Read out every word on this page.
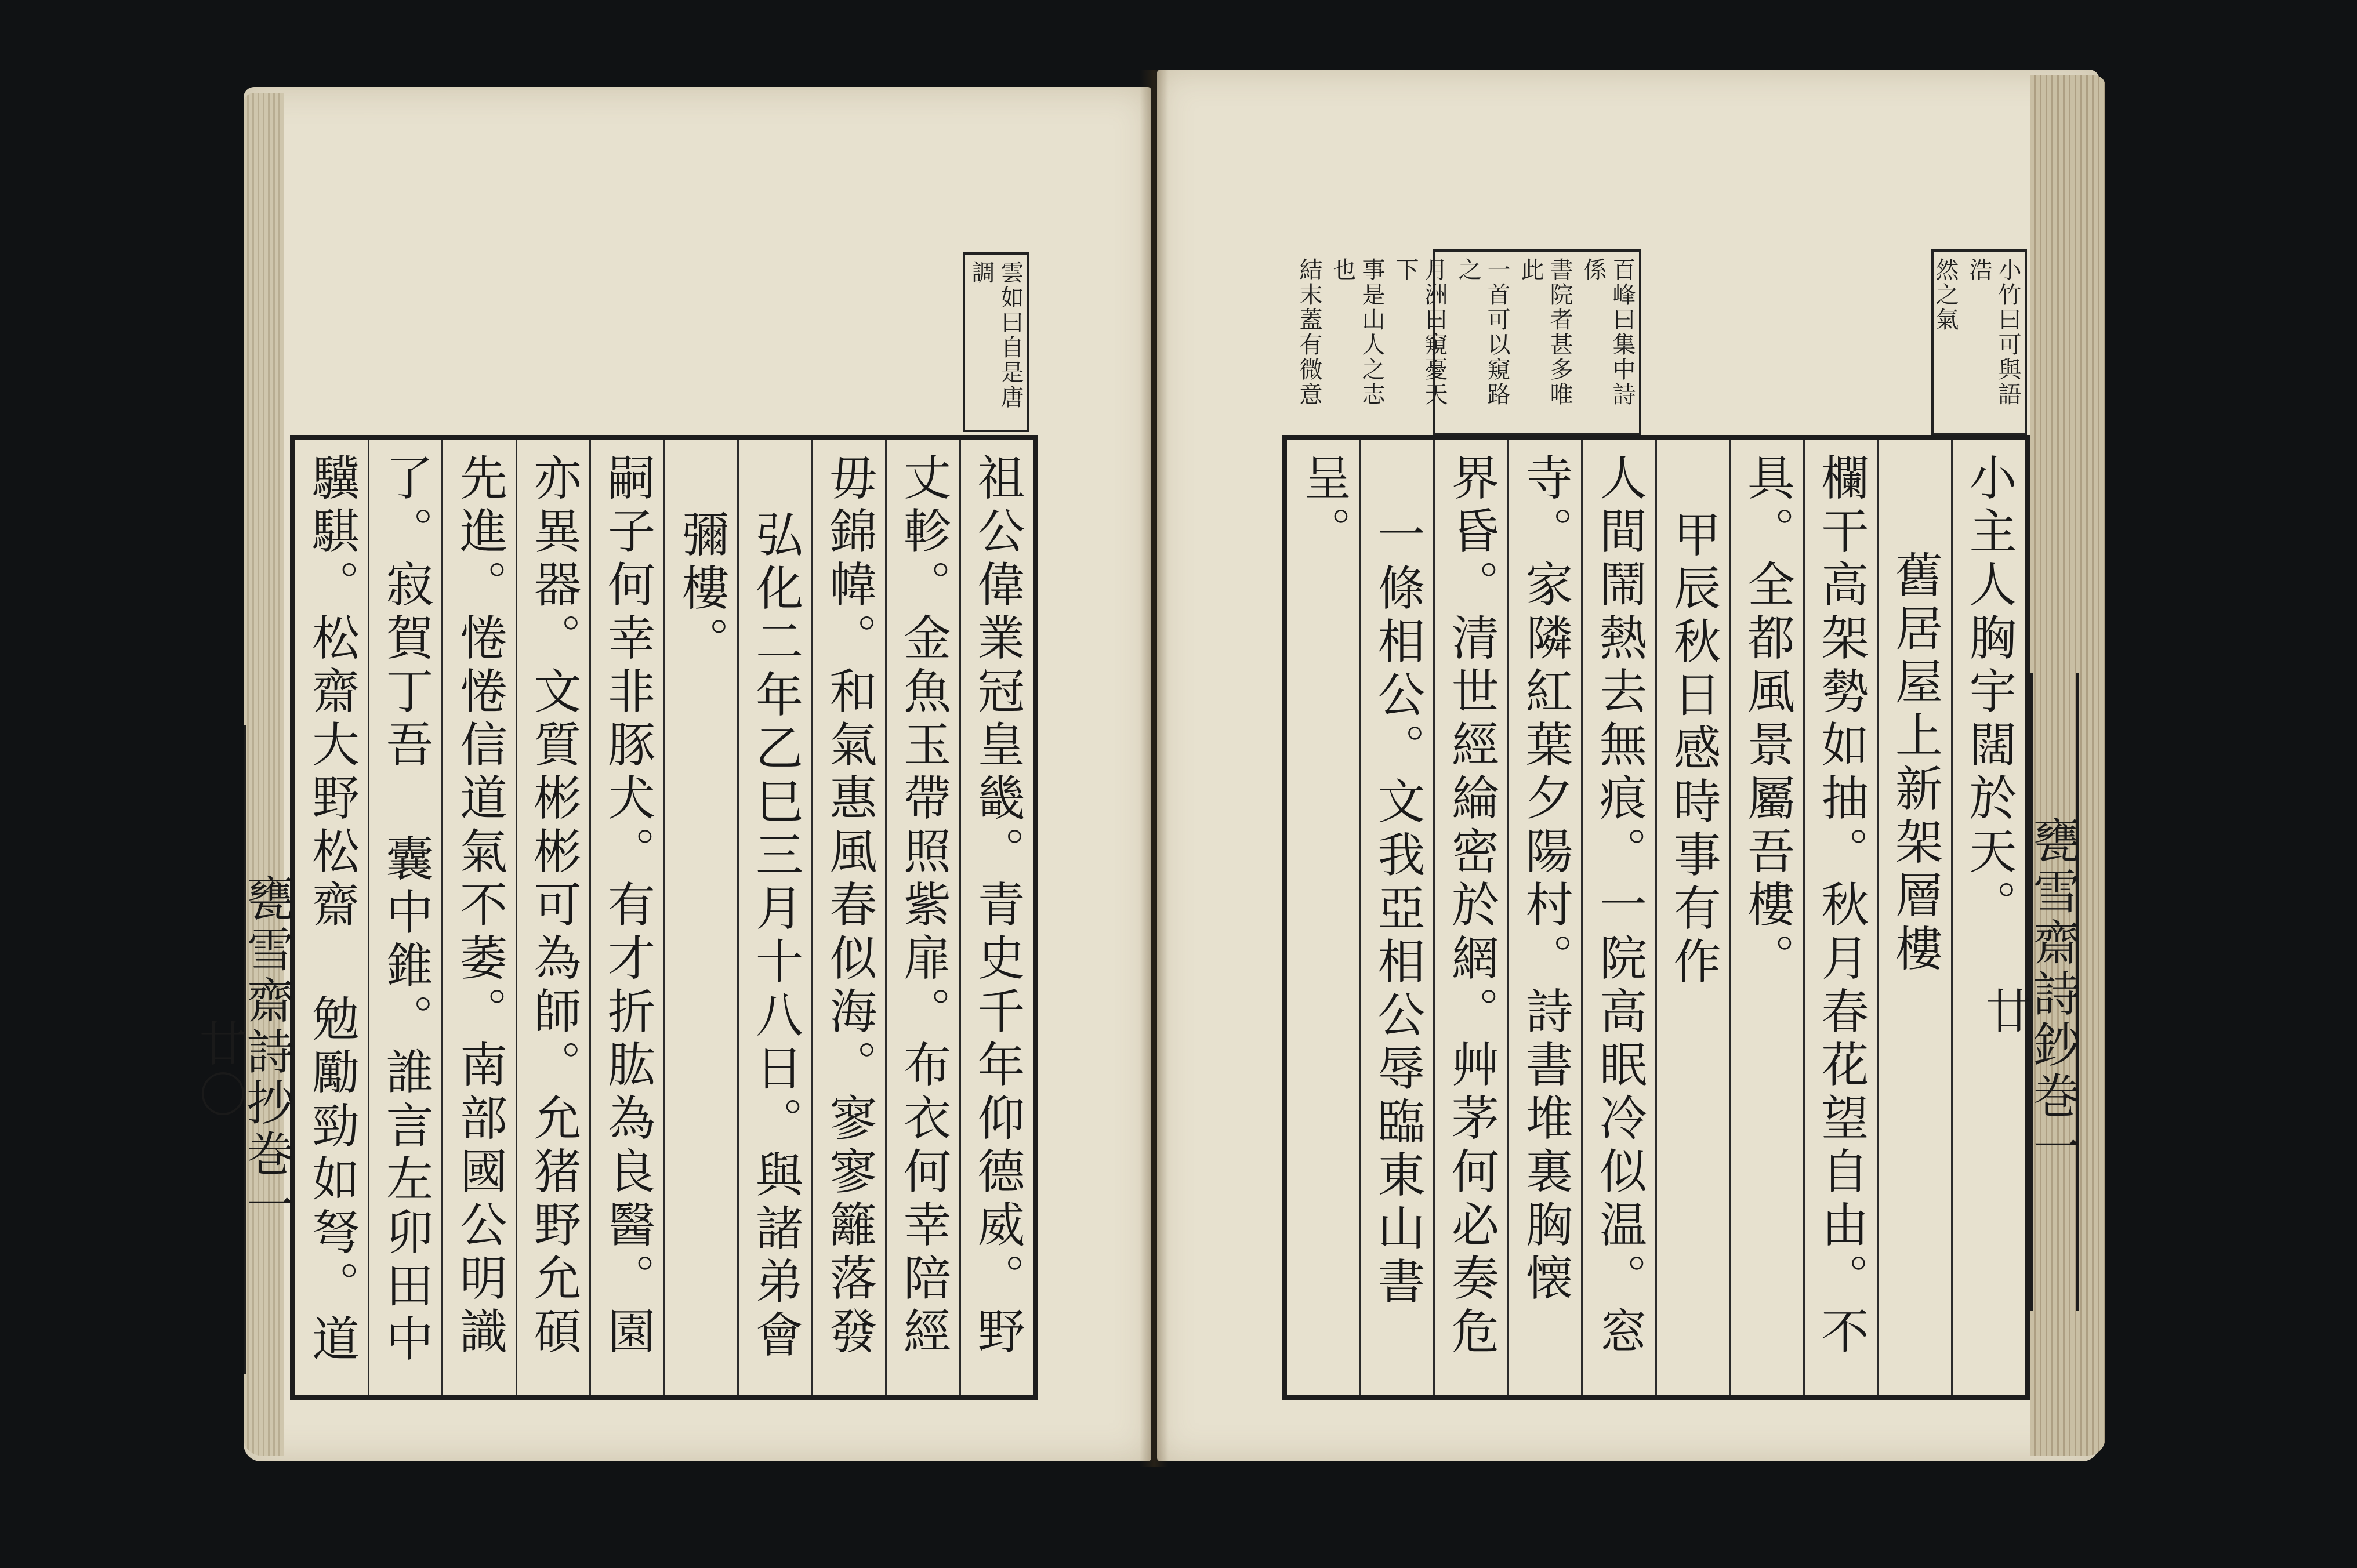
雲如曰自是唐調
祖公偉業冠皇畿。青史千年仰德威。野
丈軫。金魚玉帶照紫扉。布衣何幸陪經
毋錦幃。和氣惠風春似海。寥寥籬落發
弘化二年乙巳三月十八日。與諸弟會
彌樓。
嗣子何幸非豚犬。有才折肱為良醫。園
亦異器。文質彬彬可為師。允猪野允碩
先進。惓惓信道氣不萎。南部國公明識
了。寂賀丁吾 囊中錐。誰言左卯田中
驥騏。松齋大野松齋 勉勵勁如弩。道
甕雪齋詩抄巻一
廿〇
小竹曰可與語浩
然之氣
百峰曰集中詩係
書院者甚多唯此
一首可以窺路之
月洲曰窺憂天下
事是山人之志也
結末蓋有微意
小主人胸宇闊於天。
舊居屋上新架層樓
欄干高架勢如抽。秋月春花望自由。不
具。全都風景屬吾樓。
甲辰秋日感時事有作
人間鬧熱去無痕。一院高眠冷似温。窓
寺。家隣紅葉夕陽村。詩書堆裏胸懐
界昏。清世經綸密於網。艸茅何必奏危
一條相公。文我亞相公辱臨東山書
呈。
甕雪齋詩鈔巻一
廿
